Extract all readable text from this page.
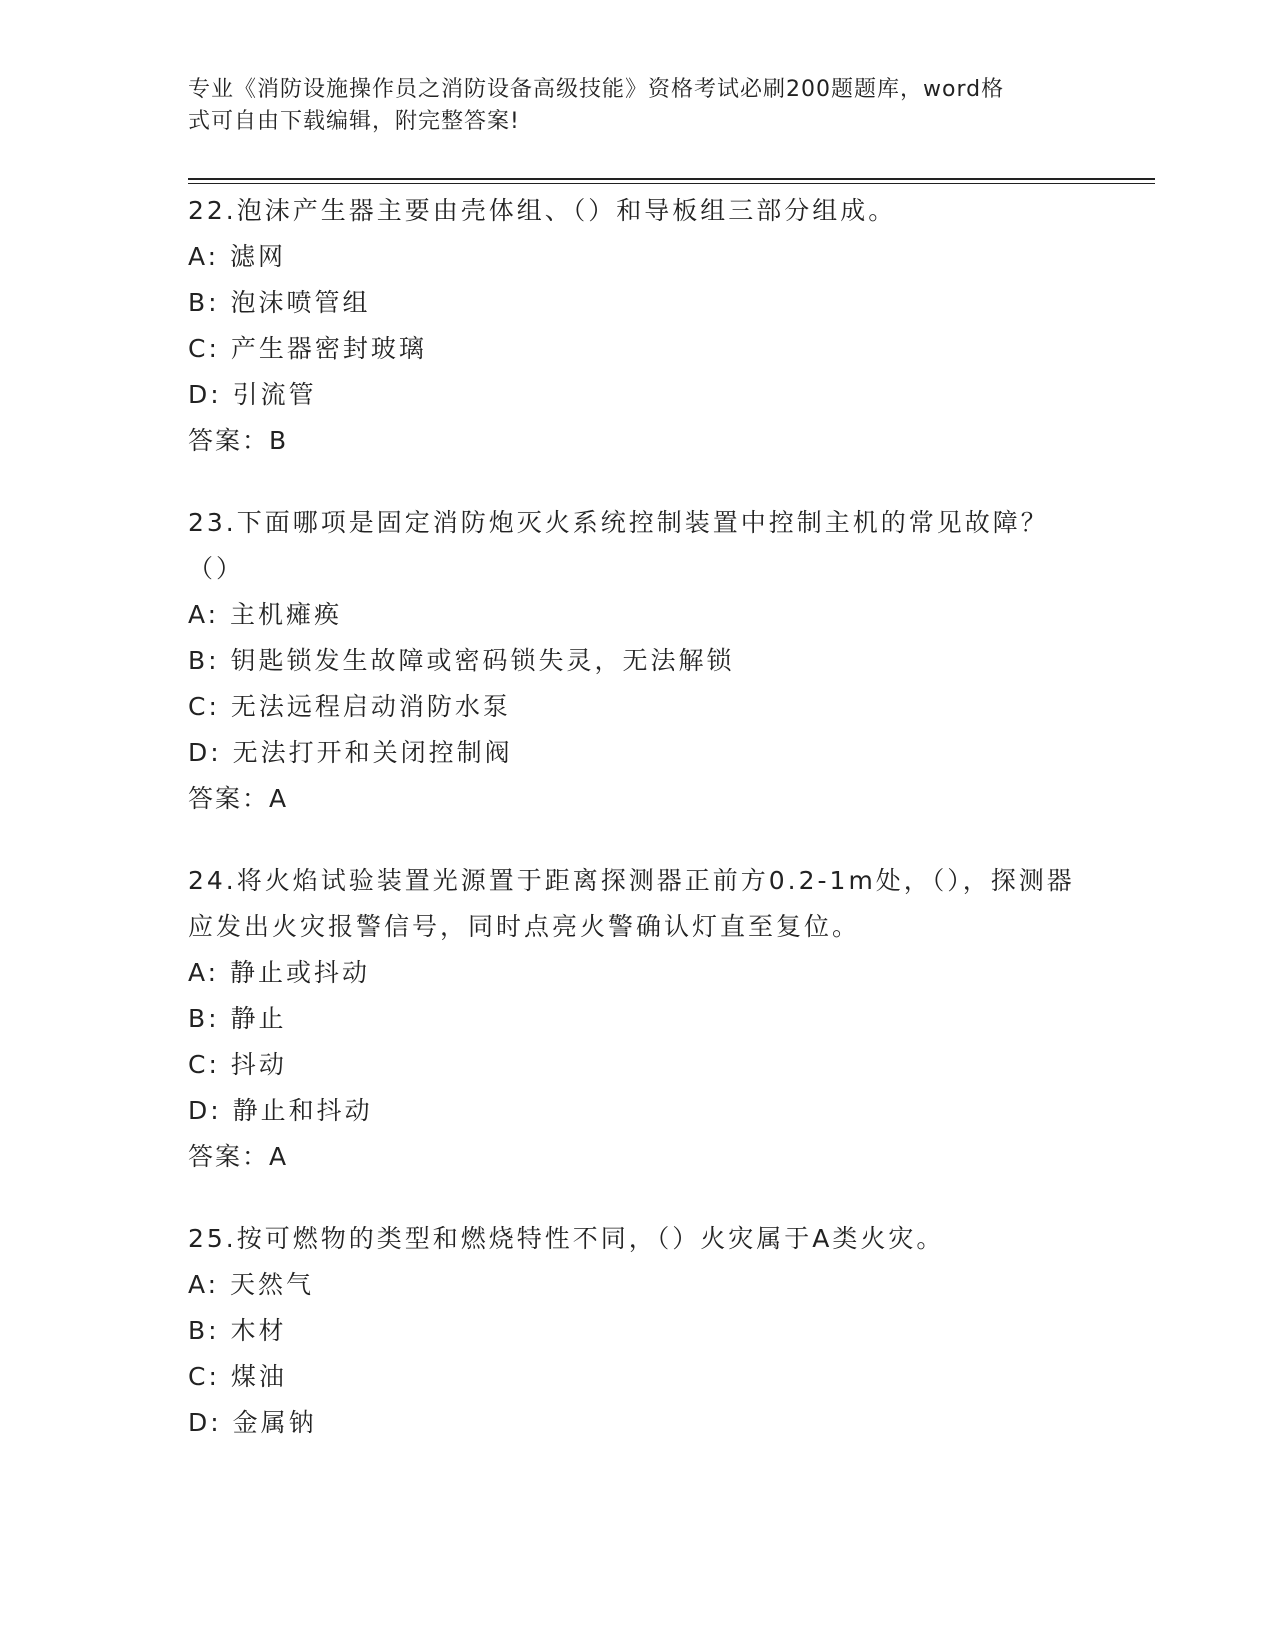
专业《消防设施操作员之消防设备高级技能》资格考试必刷200题题库，word格
式可自由下载编辑，附完整答案!
22.泡沫产生器主要由壳体组、（）和导板组三部分组成。
A: 滤网
B: 泡沫喷管组
C: 产生器密封玻璃
D: 引流管
答案：B
23.下面哪项是固定消防炮灭火系统控制装置中控制主机的常见故障？（）
A: 主机瘫痪
B: 钥匙锁发生故障或密码锁失灵，无法解锁
C: 无法远程启动消防水泵
D: 无法打开和关闭控制阀
答案：A
24.将火焰试验装置光源置于距离探测器正前方0.2-1m处，（），探测器应发出火灾报警信号，同时点亮火警确认灯直至复位。
A: 静止或抖动
B: 静止
C: 抖动
D: 静止和抖动
答案：A
25.按可燃物的类型和燃烧特性不同，（）火灾属于A类火灾。
A: 天然气
B: 木材
C: 煤油
D: 金属钠
